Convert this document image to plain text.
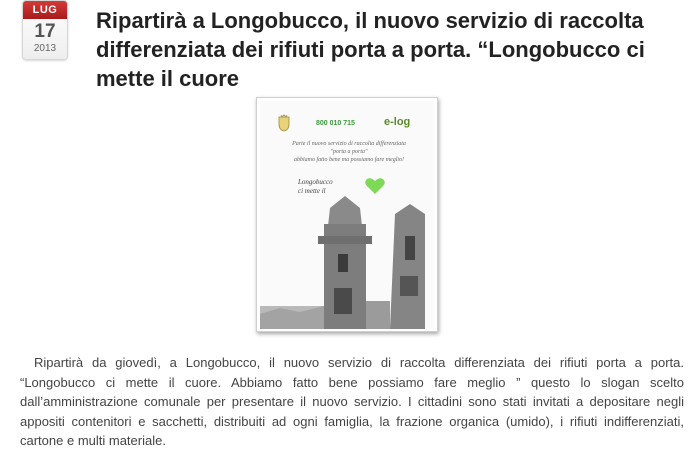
LUG
17
2013
Ripartirà a Longobucco, il nuovo servizio di raccolta differenziata dei rifiuti porta a porta. “Longobucco ci mette il cuore
800 010 715	e-log
Parte il nuovo servizio di raccolta differenziata
"porta a porta"
abbiamo fatto bene ma possiamo fare meglio!
Longobucco
ci mette il

Ripartirà da giovedì, a Longobucco, il nuovo servizio di raccolta differenziata dei rifiuti porta a porta. “Longobucco ci mette il cuore. Abbiamo fatto bene possiamo fare meglio ” questo lo slogan scelto dall’amministrazione comunale per presentare il nuovo servizio. I cittadini sono stati invitati a depositare negli appositi contenitori e sacchetti, distribuiti ad ogni famiglia, la frazione organica (umido), i rifiuti indifferenziati, cartone e multi materiale.
